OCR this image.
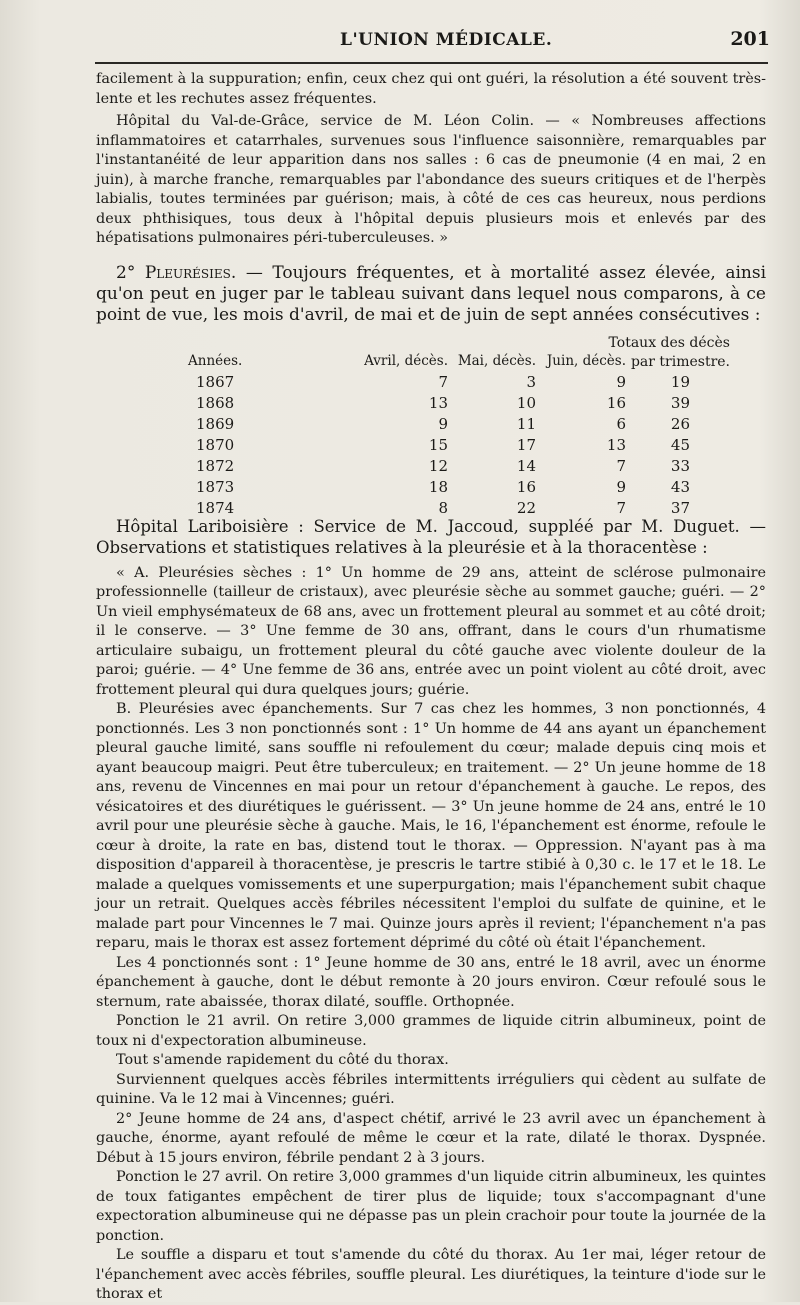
L'UNION MÉDICALE.	201

facilement à la suppuration; enfin, ceux chez qui ont guéri, la résolution a été souvent très-lente et les rechutes assez fréquentes.

Hôpital du Val-de-Grâce, service de M. Léon Colin. — « Nombreuses affections inflammatoires et catarrhales, survenues sous l'influence saisonnière, remarquables par l'instantanéité de leur apparition dans nos salles : 6 cas de pneumonie (4 en mai, 2 en juin), à marche franche, remarquables par l'abondance des sueurs critiques et de l'herpès labialis, toutes terminées par guérison; mais, à côté de ces cas heureux, nous perdions deux phthisiques, tous deux à l'hôpital depuis plusieurs mois et enlevés par des hépatisations pulmonaires péri-tuberculeuses. »

2° Pleurésies. — Toujours fréquentes, et à mortalité assez élevée, ainsi qu'on peut en juger par le tableau suivant dans lequel nous comparons, à ce point de vue, les mois d'avril, de mai et de juin de sept années consécutives :

Totaux des décès
par trimestre.
Années.	Avril, décès.	Mai, décès.	Juin, décès.	
1867	7	3	9	19
1868	13	10	16	39
1869	9	11	6	26
1870	15	17	13	45
1872	12	14	7	33
1873	18	16	9	43
1874	8	22	7	37

Hôpital Lariboisière : Service de M. Jaccoud, suppléé par M. Duguet. — Observations et statistiques relatives à la pleurésie et à la thoracentèse :

« A. Pleurésies sèches : 1° Un homme de 29 ans, atteint de sclérose pulmonaire professionnelle (tailleur de cristaux), avec pleurésie sèche au sommet gauche; guéri. — 2° Un vieil emphysémateux de 68 ans, avec un frottement pleural au sommet et au côté droit; il le conserve. — 3° Une femme de 30 ans, offrant, dans le cours d'un rhumatisme articulaire subaigu, un frottement pleural du côté gauche avec violente douleur de la paroi; guérie. — 4° Une femme de 36 ans, entrée avec un point violent au côté droit, avec frottement pleural qui dura quelques jours; guérie.

B. Pleurésies avec épanchements. Sur 7 cas chez les hommes, 3 non ponctionnés, 4 ponctionnés. Les 3 non ponctionnés sont : 1° Un homme de 44 ans ayant un épanchement pleural gauche limité, sans souffle ni refoulement du cœur; malade depuis cinq mois et ayant beaucoup maigri. Peut être tuberculeux; en traitement. — 2° Un jeune homme de 18 ans, revenu de Vincennes en mai pour un retour d'épanchement à gauche. Le repos, des vésicatoires et des diurétiques le guérissent. — 3° Un jeune homme de 24 ans, entré le 10 avril pour une pleurésie sèche à gauche. Mais, le 16, l'épanchement est énorme, refoule le cœur à droite, la rate en bas, distend tout le thorax. — Oppression. N'ayant pas à ma disposition d'appareil à thoracentèse, je prescris le tartre stibié à 0,30 c. le 17 et le 18. Le malade a quelques vomissements et une superpurgation; mais l'épanchement subit chaque jour un retrait. Quelques accès fébriles nécessitent l'emploi du sulfate de quinine, et le malade part pour Vincennes le 7 mai. Quinze jours après il revient; l'épanchement n'a pas reparu, mais le thorax est assez fortement déprimé du côté où était l'épanchement.

Les 4 ponctionnés sont : 1° Jeune homme de 30 ans, entré le 18 avril, avec un énorme épanchement à gauche, dont le début remonte à 20 jours environ. Cœur refoulé sous le sternum, rate abaissée, thorax dilaté, souffle. Orthopnée.

Ponction le 21 avril. On retire 3,000 grammes de liquide citrin albumineux, point de toux ni d'expectoration albumineuse.

Tout s'amende rapidement du côté du thorax.

Surviennent quelques accès fébriles intermittents irréguliers qui cèdent au sulfate de quinine. Va le 12 mai à Vincennes; guéri.

2° Jeune homme de 24 ans, d'aspect chétif, arrivé le 23 avril avec un épanchement à gauche, énorme, ayant refoulé de même le cœur et la rate, dilaté le thorax. Dyspnée. Début à 15 jours environ, fébrile pendant 2 à 3 jours.

Ponction le 27 avril. On retire 3,000 grammes d'un liquide citrin albumineux, les quintes de toux fatigantes empêchent de tirer plus de liquide; toux s'accompagnant d'une expectoration albumineuse qui ne dépasse pas un plein crachoir pour toute la journée de la ponction.

Le souffle a disparu et tout s'amende du côté du thorax. Au 1er mai, léger retour de l'épanchement avec accès fébriles, souffle pleural. Les diurétiques, la teinture d'iode sur le thorax et
